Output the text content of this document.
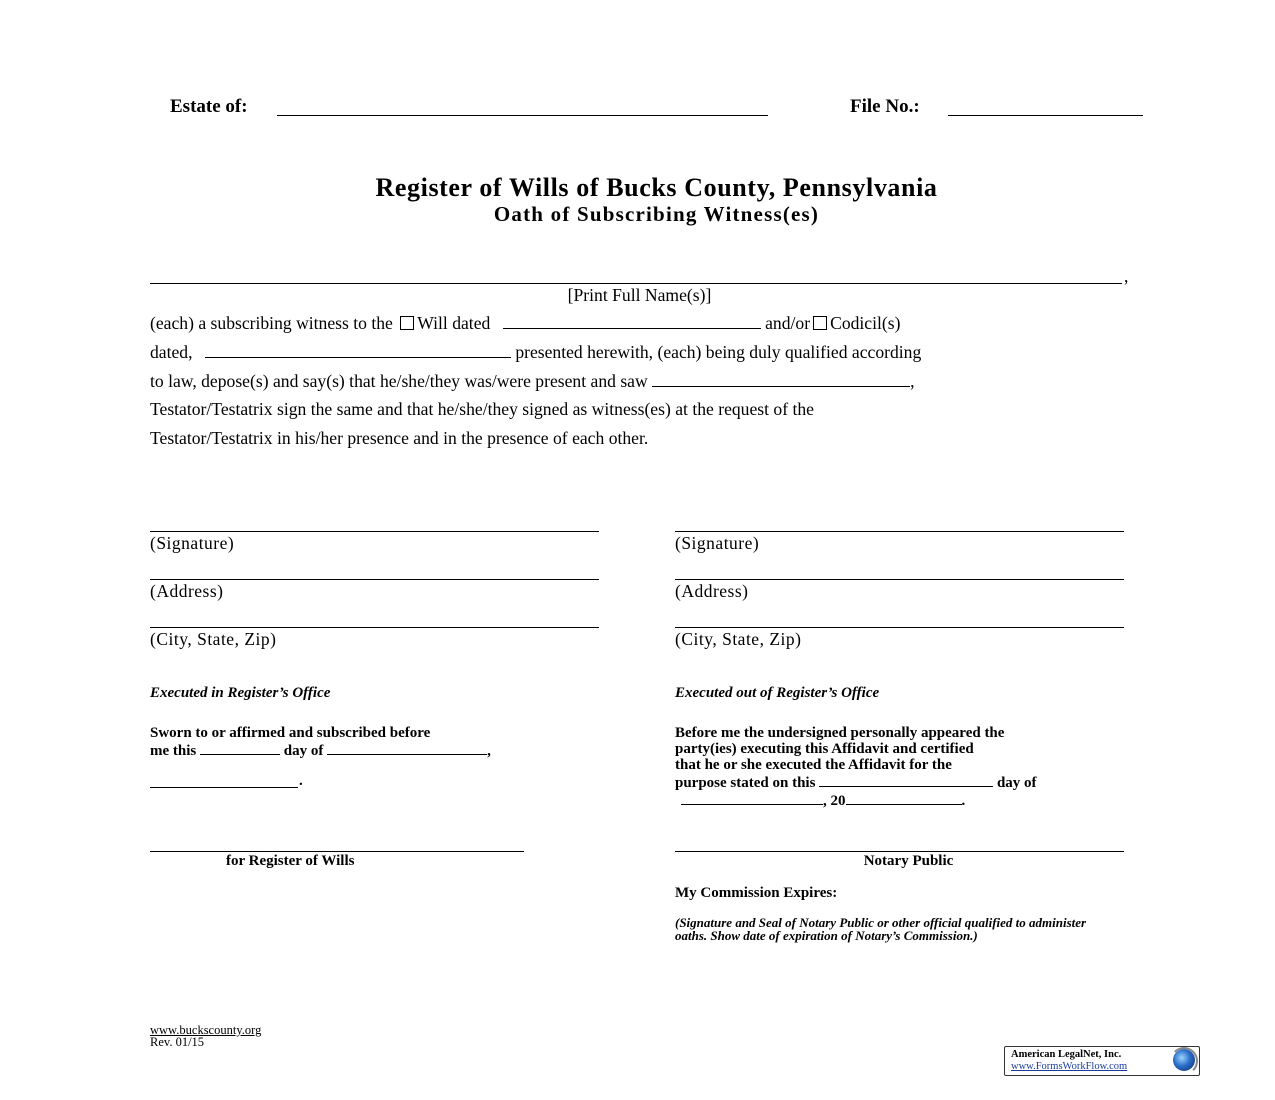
Estate of:	File No.:
Register of Wills of Bucks County, Pennsylvania
Oath of Subscribing Witness(es)
,
[Print Full Name(s)]
(each) a subscribing witness to the Will dated	and/or Codicil(s)
dated,	presented herewith, (each) being duly qualified according
to law, depose(s) and say(s) that he/she/they was/were present and saw	,
Testator/Testatrix sign the same and that he/she/they signed as witness(es) at the request of the
Testator/Testatrix in his/her presence and in the presence of each other.
(Signature)
(Address)
(City, State, Zip)
(Signature)
(Address)
(City, State, Zip)
Executed in Register’s Office
Sworn to or affirmed and subscribed before
me this	day of	,
.
for Register of Wills
Executed out of Register’s Office
Before me the undersigned personally appeared the
party(ies) executing this Affidavit and certified
that he or she executed the Affidavit for the
purpose stated on this	day of
, 20	.
Notary Public
My Commission Expires:
(Signature and Seal of Notary Public or other official qualified to administer oaths. Show date of expiration of Notary’s Commission.)
www.buckscounty.org
Rev. 01/15
American LegalNet, Inc.
www.FormsWorkFlow.com
